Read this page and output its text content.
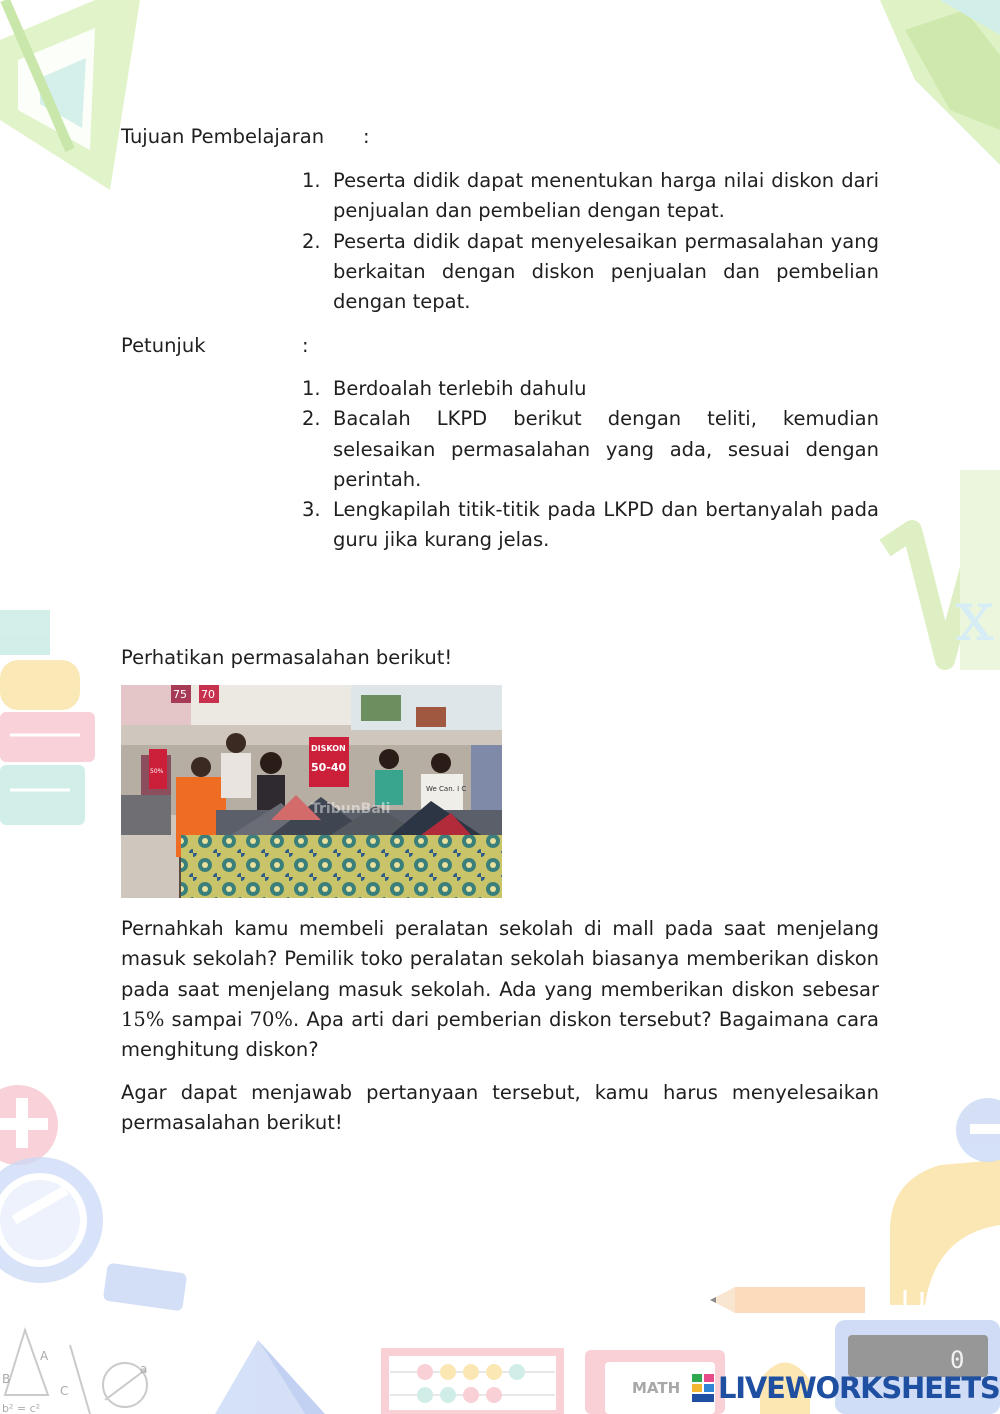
x
A
C
B
b² = c²
a
MATH
0
Tujuan Pembelajaran :
1. Peserta didik dapat menentukan harga nilai diskon dari penjualan dan pembelian dengan tepat.
2. Peserta didik dapat menyelesaikan permasalahan yang berkaitan dengan diskon penjualan dan pembelian dengan tepat.
Petunjuk	:
1. Berdoalah terlebih dahulu
2. Bacalah LKPD berikut dengan teliti, kemudian selesaikan permasalahan yang ada, sesuai dengan perintah.
3. Lengkapilah titik-titik pada LKPD dan bertanyalah pada guru jika kurang jelas.
Perhatikan permasalahan berikut!
75 70
DISKON
50-40
50%
We Can. I C
TribunBali

Pernahkah kamu membeli peralatan sekolah di mall pada saat menjelang masuk sekolah? Pemilik toko peralatan sekolah biasanya memberikan diskon pada saat menjelang masuk sekolah. Ada yang memberikan diskon sebesar 15% sampai 70%. Apa arti dari pemberian diskon tersebut? Bagaimana cara menghitung diskon?

Agar dapat menjawab pertanyaan tersebut, kamu harus menyelesaikan permasalahan berikut!

LIVEWORKSHEETS
